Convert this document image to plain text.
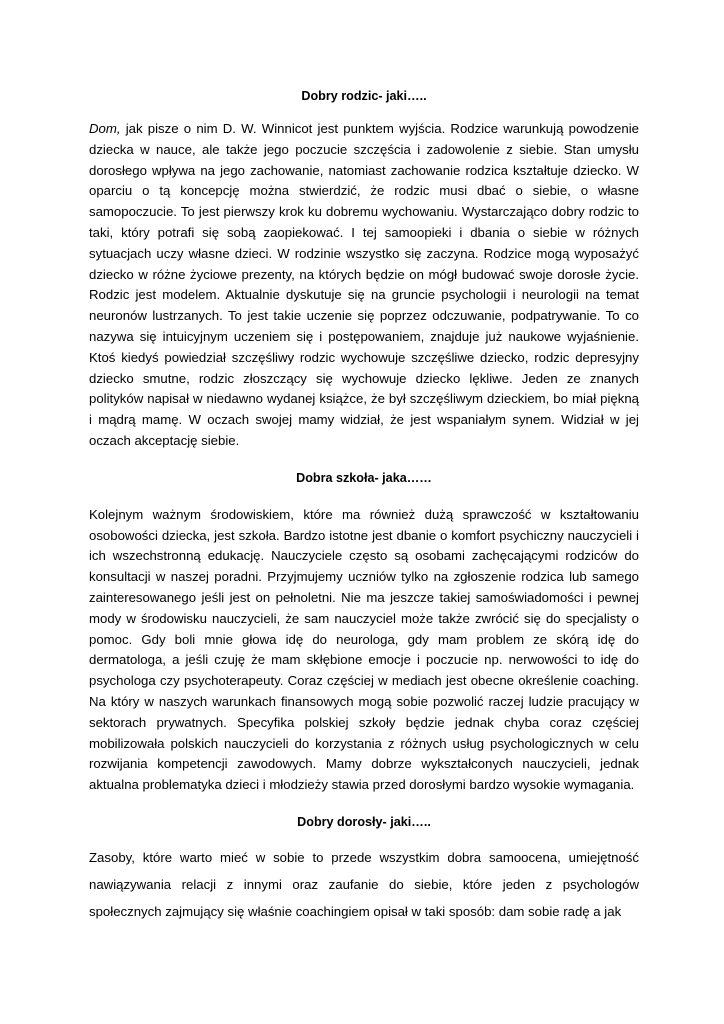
Dobry rodzic- jaki…..

Dom, jak pisze o nim D. W. Winnicot jest punktem wyjścia. Rodzice warunkują powodzenie dziecka w nauce, ale także jego poczucie szczęścia i zadowolenie z siebie. Stan umysłu dorosłego wpływa na jego zachowanie, natomiast zachowanie rodzica kształtuje dziecko. W oparciu o tą koncepcję można stwierdzić, że rodzic musi dbać o siebie, o własne samopoczucie. To jest pierwszy krok ku dobremu wychowaniu. Wystarczająco dobry rodzic to taki, który potrafi się sobą zaopiekować. I tej samoopieki i dbania o siebie w różnych sytuacjach uczy własne dzieci. W rodzinie wszystko się zaczyna. Rodzice mogą wyposażyć dziecko w różne życiowe prezenty, na których będzie on mógł budować swoje dorosłe życie. Rodzic jest modelem. Aktualnie dyskutuje się na gruncie psychologii i neurologii na temat neuronów lustrzanych. To jest takie uczenie się poprzez odczuwanie, podpatrywanie. To co nazywa się intuicyjnym uczeniem się i postępowaniem, znajduje już naukowe wyjaśnienie. Ktoś kiedyś powiedział szczęśliwy rodzic wychowuje szczęśliwe dziecko, rodzic depresyjny dziecko smutne, rodzic złoszczący się wychowuje dziecko lękliwe. Jeden ze znanych polityków napisał w niedawno wydanej książce, że był szczęśliwym dzieckiem, bo miał piękną i mądrą mamę. W oczach swojej mamy widział, że jest wspaniałym synem. Widział w jej oczach akceptację siebie.

Dobra szkoła- jaka……

Kolejnym ważnym środowiskiem, które ma również dużą sprawczość w kształtowaniu osobowości dziecka, jest szkoła. Bardzo istotne jest dbanie o komfort psychiczny nauczycieli i ich wszechstronną edukację. Nauczyciele często są osobami zachęcającymi rodziców do konsultacji w naszej poradni. Przyjmujemy uczniów tylko na zgłoszenie rodzica lub samego zainteresowanego jeśli jest on pełnoletni. Nie ma jeszcze takiej samoświadomości i pewnej mody w środowisku nauczycieli, że sam nauczyciel może także zwrócić się do specjalisty o pomoc. Gdy boli mnie głowa idę do neurologa, gdy mam problem ze skórą idę do dermatologa, a jeśli czuję że mam skłębione emocje i poczucie np. nerwowości to idę do psychologa czy psychoterapeuty. Coraz częściej w mediach jest obecne określenie coaching. Na który w naszych warunkach finansowych mogą sobie pozwolić raczej ludzie pracujący w sektorach prywatnych. Specyfika polskiej szkoły będzie jednak chyba coraz częściej mobilizowała polskich nauczycieli do korzystania z różnych usług psychologicznych w celu rozwijania kompetencji zawodowych. Mamy dobrze wykształconych nauczycieli, jednak aktualna problematyka dzieci i młodzieży stawia przed dorosłymi bardzo wysokie wymagania.

Dobry dorosły- jaki…..

Zasoby, które warto mieć w sobie to przede wszystkim dobra samoocena, umiejętność nawiązywania relacji z innymi oraz zaufanie do siebie, które jeden z psychologów społecznych zajmujący się właśnie coachingiem opisał w taki sposób: dam sobie radę a jak
